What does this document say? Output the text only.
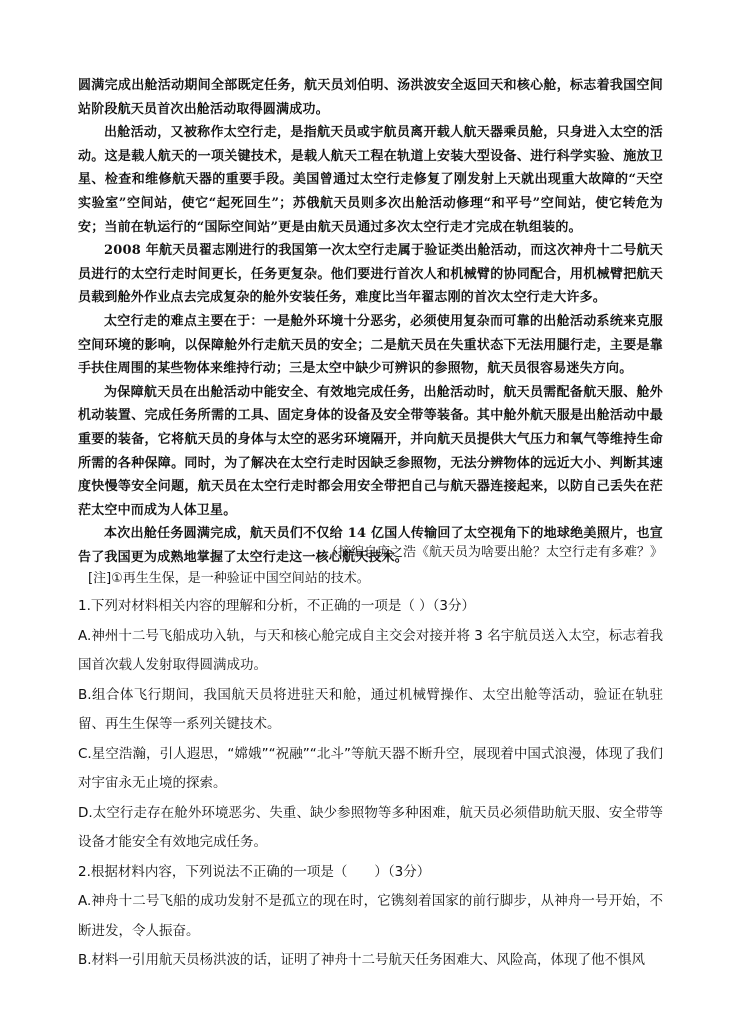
圆满完成出舱活动期间全部既定任务，航天员刘伯明、汤洪波安全返回天和核心舱，标志着我国空间站阶段航天员首次出舱活动取得圆满成功。

出舱活动，又被称作太空行走，是指航天员或宇航员离开载人航天器乘员舱，只身进入太空的活动。这是载人航天的一项关键技术，是载人航天工程在轨道上安装大型设备、进行科学实验、施放卫星、检查和维修航天器的重要手段。美国曾通过太空行走修复了刚发射上天就出现重大故障的“天空实验室”空间站，使它“起死回生”；苏俄航天员则多次出舱活动修理“和平号”空间站，使它转危为安；当前在轨运行的“国际空间站”更是由航天员通过多次太空行走才完成在轨组装的。

2008 年航天员翟志刚进行的我国第一次太空行走属于验证类出舱活动，而这次神舟十二号航天员进行的太空行走时间更长，任务更复杂。他们要进行首次人和机械臂的协同配合，用机械臂把航天员载到舱外作业点去完成复杂的舱外安装任务，难度比当年翟志刚的首次太空行走大许多。

太空行走的难点主要在于：一是舱外环境十分恶劣，必须使用复杂而可靠的出舱活动系统来克服空间环境的影响，以保障舱外行走航天员的安全；二是航天员在失重状态下无法用腿行走，主要是靠手扶住周围的某些物体来维持行动；三是太空中缺少可辨识的参照物，航天员很容易迷失方向。

为保障航天员在出舱活动中能安全、有效地完成任务，出舱活动时，航天员需配备航天服、舱外机动装置、完成任务所需的工具、固定身体的设备及安全带等装备。其中舱外航天服是出舱活动中最重要的装备，它将航天员的身体与太空的恶劣环境隔开，并向航天员提供大气压力和氧气等维持生命所需的各种保障。同时，为了解决在太空行走时因缺乏参照物，无法分辨物体的远近大小、判断其速度快慢等安全问题，航天员在太空行走时都会用安全带把自己与航天器连接起来，以防自己丢失在茫茫太空中而成为人体卫星。

本次出舱任务圆满完成，航天员们不仅给 14 亿国人传输回了太空视角下的地球绝美照片，也宣告了我国更为成熟地掌握了太空行走这一核心航天技术。

（摘编自庞之浩《航天员为啥要出舱？太空行走有多难？》
[注]①再生生保，是一种验证中国空间站的技术。

1.下列对材料相关内容的理解和分析，不正确的一项是（ ）（3分）

A.神州十二号飞船成功入轨，与天和核心舱完成自主交会对接并将 3 名宇航员送入太空，标志着我国首次载人发射取得圆满成功。

B.组合体飞行期间，我国航天员将进驻天和舱，通过机械臂操作、太空出舱等活动，验证在轨驻留、再生生保等一系列关键技术。

C.星空浩瀚，引人遐思，“嫦娥”“祝融”“北斗”等航天器不断升空，展现着中国式浪漫，体现了我们对宇宙永无止境的探索。

D.太空行走存在舱外环境恶劣、失重、缺少参照物等多种困难，航天员必须借助航天服、安全带等设备才能安全有效地完成任务。

2.根据材料内容，下列说法不正确的一项是（　　）（3分）

A.神舟十二号飞船的成功发射不是孤立的现在时，它镌刻着国家的前行脚步，从神舟一号开始，不断进发，令人振奋。

B.材料一引用航天员杨洪波的话，证明了神舟十二号航天任务困难大、风险高，体现了他不惧风
